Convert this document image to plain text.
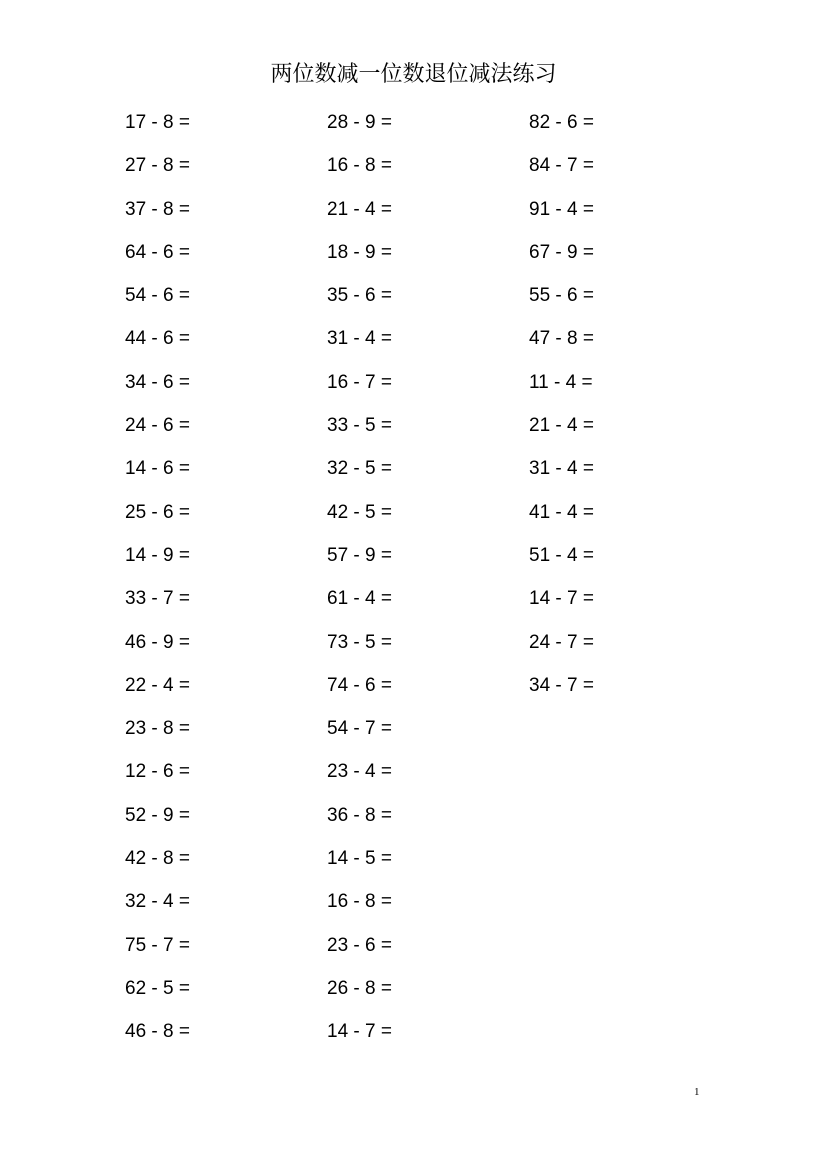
两位数减一位数退位减法练习
17 - 8 =
27 - 8 =
37 - 8 =
64 - 6 =
54 - 6 =
44 - 6 =
34 - 6 =
24 - 6 =
14 - 6 =
25 - 6 =
14 - 9 =
33 - 7 =
46 - 9 =
22 - 4 =
23 - 8 =
12 - 6 =
52 - 9 =
42 - 8 =
32 - 4 =
75 - 7 =
62 - 5 =
46 - 8 =
28 - 9 =
16 - 8 =
21 - 4 =
18 - 9 =
35 - 6 =
31 - 4 =
16 - 7 =
33 - 5 =
32 - 5 =
42 - 5 =
57 - 9 =
61 - 4 =
73 - 5 =
74 - 6 =
54 - 7 =
23 - 4 =
36 - 8 =
14 - 5 =
16 - 8 =
23 - 6 =
26 - 8 =
14 - 7 =
82 - 6 =
84 - 7 =
91 - 4 =
67 - 9 =
55 - 6 =
47 - 8 =
11 - 4 =
21 - 4 =
31 - 4 =
41 - 4 =
51 - 4 =
14 - 7 =
24 - 7 =
34 - 7 =
1
